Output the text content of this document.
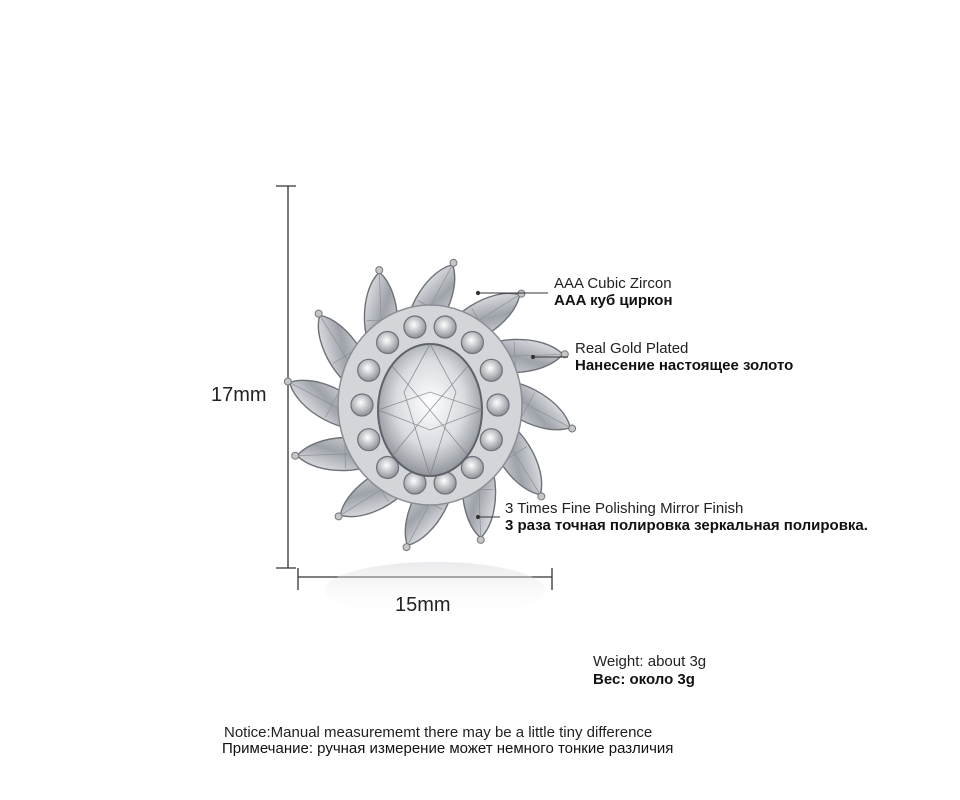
17mm
15mm
AAA Cubic Zircon
AAA куб циркон
Real Gold Plated
Нанесение настоящее золото
3 Times Fine Polishing Mirror Finish
3 раза точная полировка зеркальная полировка.
Weight: about 3g
Вес: около 3g
Notice:Manual measurememt there may be a little tiny difference
Примечание: ручная измерение может немного тонкие различия
